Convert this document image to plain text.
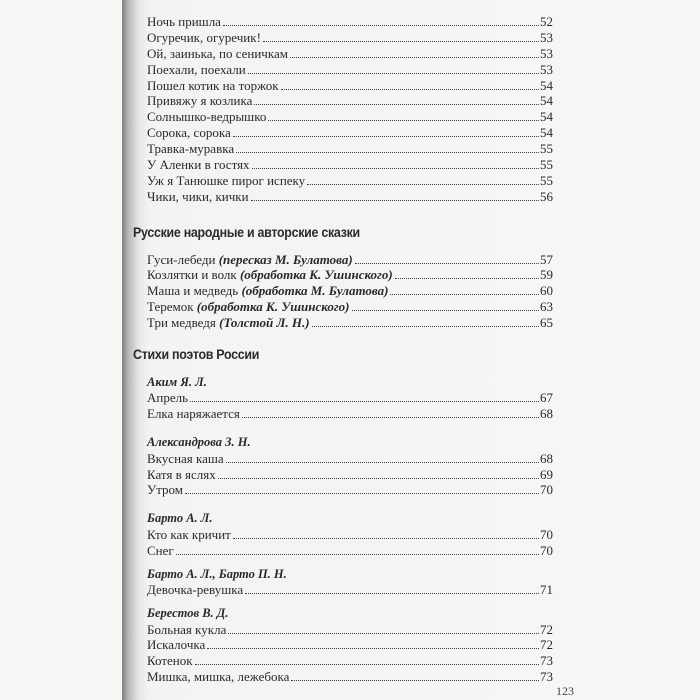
Ночь пришла	52
Огуречик, огуречик!	53
Ой, заинька, по сеничкам	53
Поехали, поехали	53
Пошел котик на торжок	54
Привяжу я козлика	54
Солнышко-ведрышко	54
Сорока, сорока	54
Травка-муравка	55
У Аленки в гостях	55
Уж я Танюшке пирог испеку	55
Чики, чики, кички	56
Русские народные и авторские сказки
Гуси-лебеди (пересказ М. Булатова)	57
Козлятки и волк (обработка К. Ушинского)	59
Маша и медведь (обработка М. Булатова)	60
Теремок (обработка К. Ушинского)	63
Три медведя (Толстой Л. Н.)	65
Стихи поэтов России
Аким Я. Л.
Апрель	67
Елка наряжается	68
Александрова З. Н.
Вкусная каша	68
Катя в яслях	69
Утром	70
Барто А. Л.
Кто как кричит	70
Снег	70
Барто А. Л., Барто П. Н.
Девочка-ревушка	71
Берестов В. Д.
Больная кукла	72
Искалочка	72
Котенок	73
Мишка, мишка, лежебока	73
123
